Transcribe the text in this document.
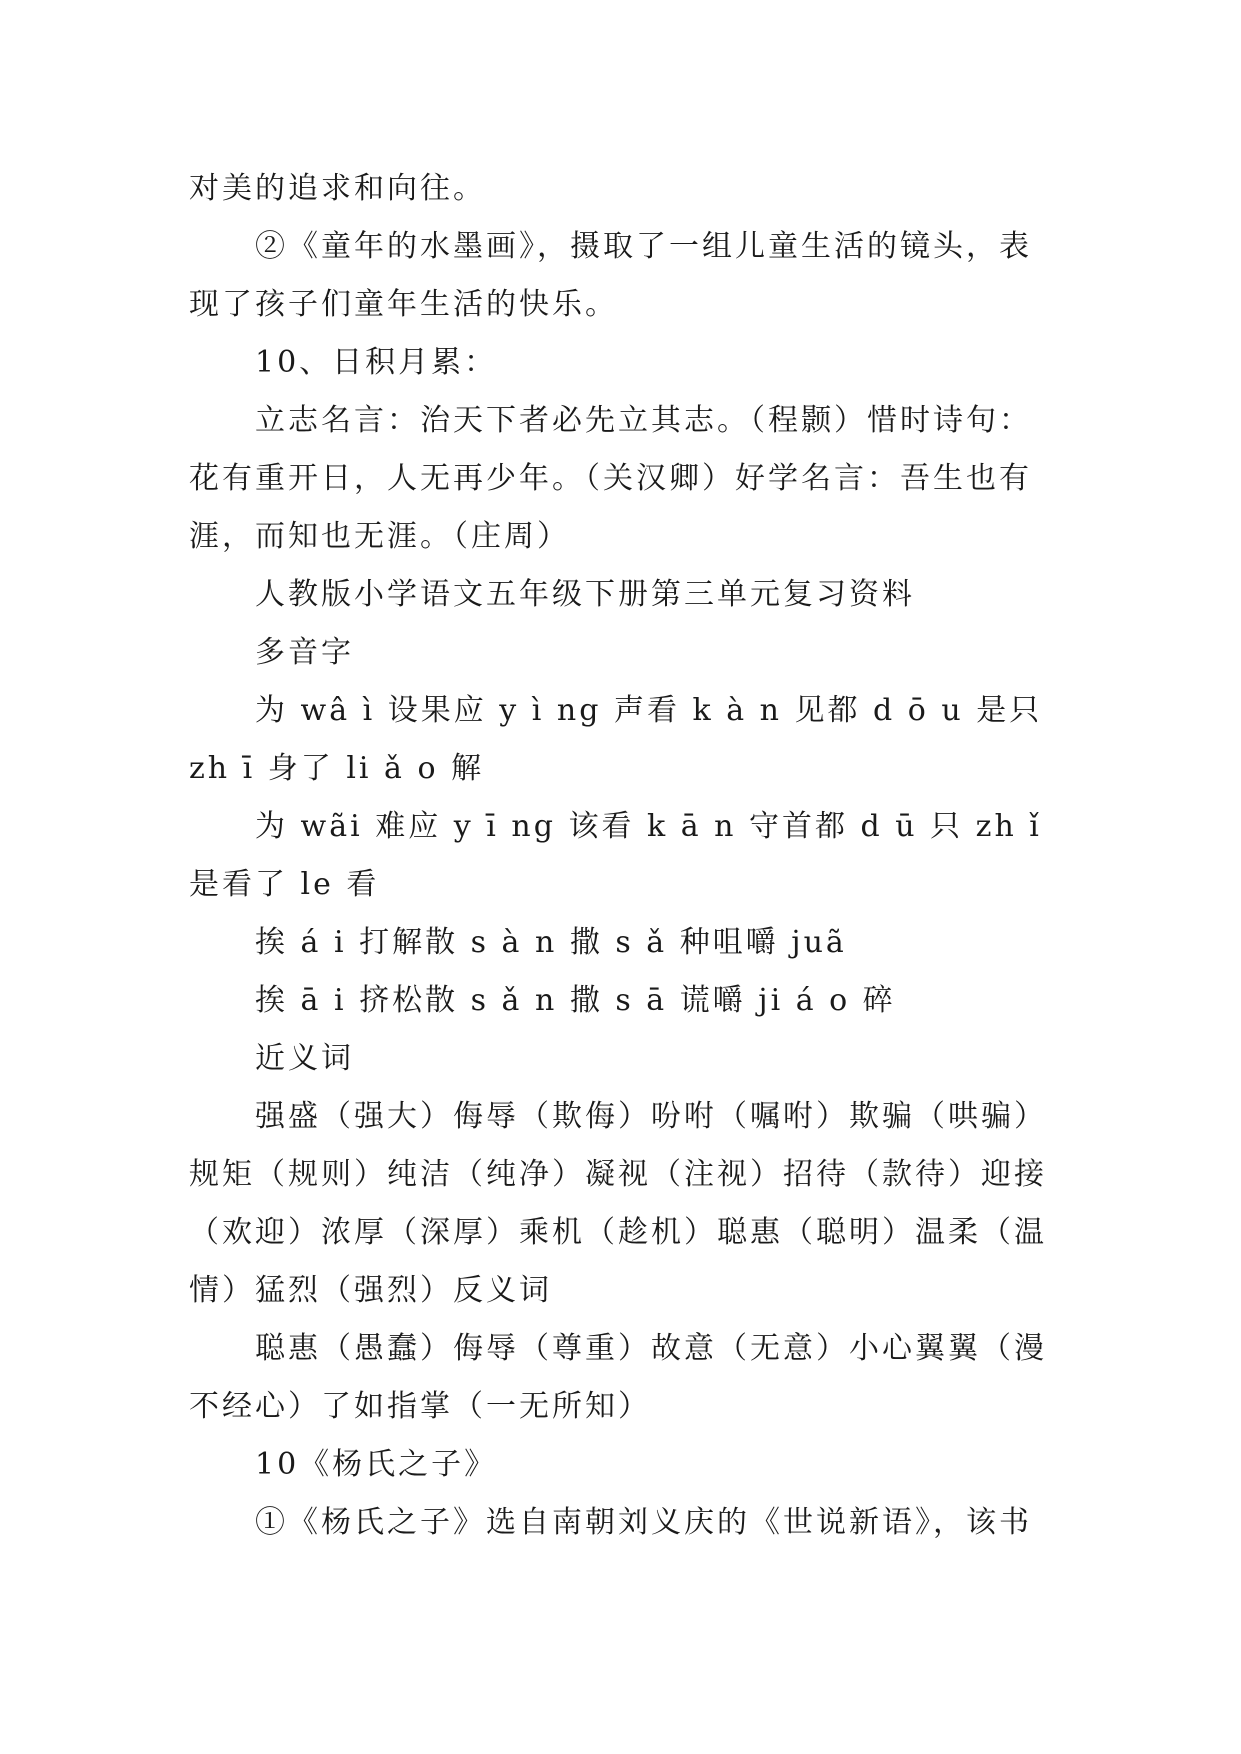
对美的追求和向往。

②《童年的水墨画》，摄取了一组儿童生活的镜头，表现了孩子们童年生活的快乐。

10、日积月累：

立志名言：治天下者必先立其志。（程颢）惜时诗句：花有重开日，人无再少年。（关汉卿）好学名言：吾生也有涯，而知也无涯。（庄周）

人教版小学语文五年级下册第三单元复习资料

多音字

为 wâ ì 设果应 y ì ng 声看 k à n 见都 d ō u 是只 zh ī 身了 li ǎ o 解

为 wãi 难应 y ī ng 该看 k ā n 守首都 d ū 只 zh ǐ 是看了 le 看

挨 á i 打解散 s à n 撒 s ǎ 种咀嚼 juã

挨 ā i 挤松散 s ǎ n 撒 s ā 谎嚼 ji á o 碎

近义词

强盛（强大）侮辱（欺侮）吩咐（嘱咐）欺骗（哄骗）规矩（规则）纯洁（纯净）凝视（注视）招待（款待）迎接（欢迎）浓厚（深厚）乘机（趁机）聪惠（聪明）温柔（温情）猛烈（强烈）反义词

聪惠（愚蠢）侮辱（尊重）故意（无意）小心翼翼（漫不经心）了如指掌（一无所知）

10《杨氏之子》

①《杨氏之子》选自南朝刘义庆的《世说新语》，该书
